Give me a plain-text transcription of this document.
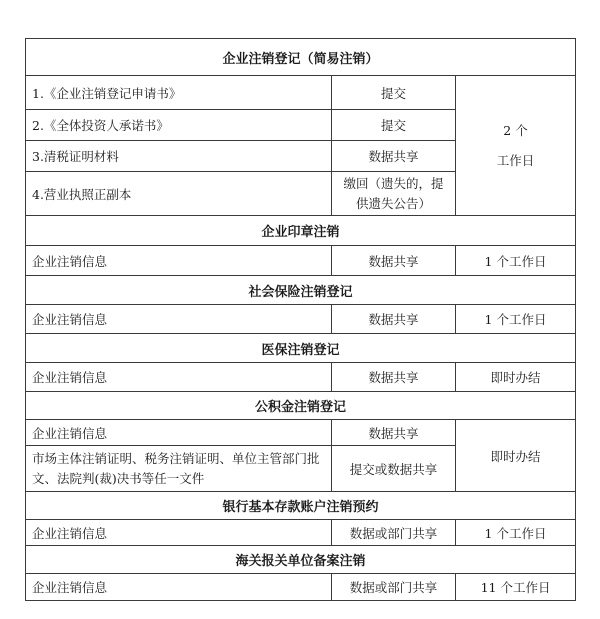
企业注销登记（简易注销）		
1.《企业注销登记申请书》	提交	2 个
工作日

2.《全体投资人承诺书》	提交	
3.清税证明材料	数据共享	
4.营业执照正副本	缴回（遗失的，提供遗失公告）	
企业印章注销		
企业注销信息	数据共享	1 个工作日
社会保险注销登记		
企业注销信息	数据共享	1 个工作日
医保注销登记		
企业注销信息	数据共享	即时办结
公积金注销登记		
企业注销信息	数据共享	即时办结
市场主体注销证明、税务注销证明、单位主管部门批文、法院判(裁)决书等任一文件	提交或数据共享	
银行基本存款账户注销预约		
企业注销信息	数据或部门共享	1 个工作日
海关报关单位备案注销		
企业注销信息	数据或部门共享	11 个工作日
